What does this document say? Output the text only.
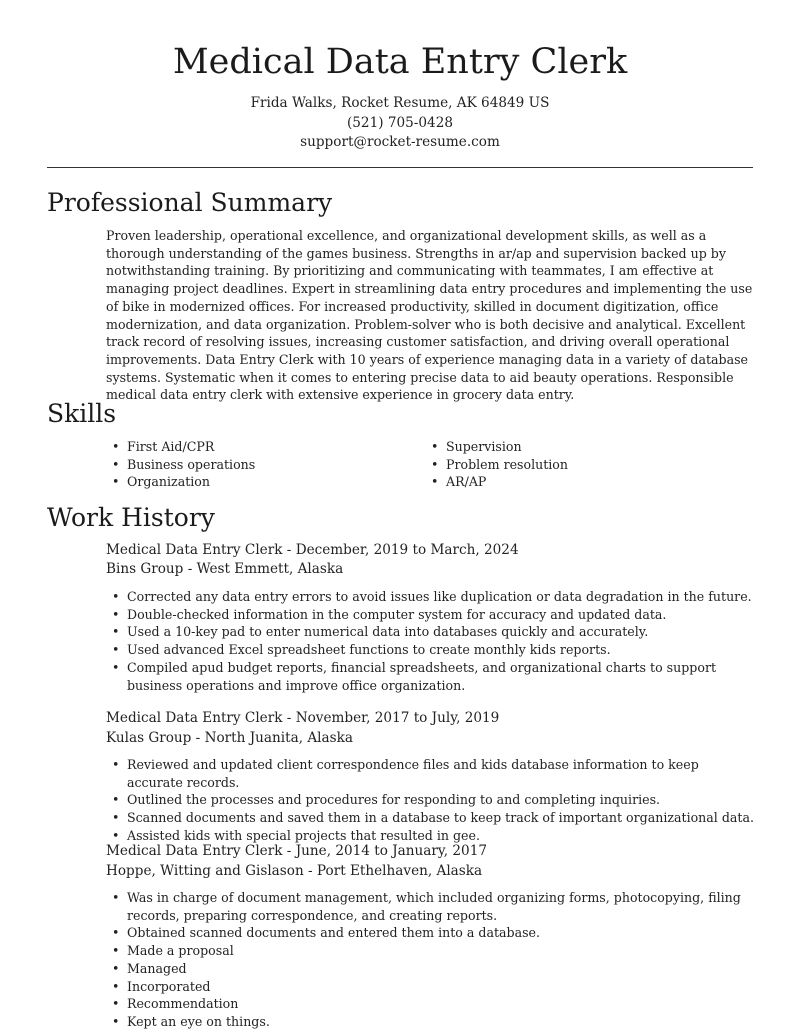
Medical Data Entry Clerk
Frida Walks, Rocket Resume, AK 64849 US
(521) 705-0428
support@rocket-resume.com
Professional Summary

Proven leadership, operational excellence, and organizational development skills, as well as a thorough understanding of the games business. Strengths in ar/ap and supervision backed up by notwithstanding training. By prioritizing and communicating with teammates, I am effective at managing project deadlines. Expert in streamlining data entry procedures and implementing the use of bike in modernized offices. For increased productivity, skilled in document digitization, office modernization, and data organization. Problem-solver who is both decisive and analytical. Excellent track record of resolving issues, increasing customer satisfaction, and driving overall operational improvements. Data Entry Clerk with 10 years of experience managing data in a variety of database systems. Systematic when it comes to entering precise data to aid beauty operations. Responsible medical data entry clerk with extensive experience in grocery data entry.

Skills
• First Aid/CPR
• Business operations
• Organization
• Supervision
• Problem resolution
• AR/AP
Work History

Medical Data Entry Clerk - December, 2019 to March, 2024

Bins Group - West Emmett, Alaska

• Corrected any data entry errors to avoid issues like duplication or data degradation in the future.
• Double-checked information in the computer system for accuracy and updated data.
• Used a 10-key pad to enter numerical data into databases quickly and accurately.
• Used advanced Excel spreadsheet functions to create monthly kids reports.
• Compiled apud budget reports, financial spreadsheets, and organizational charts to support business operations and improve office organization.

Medical Data Entry Clerk - November, 2017 to July, 2019

Kulas Group - North Juanita, Alaska

• Reviewed and updated client correspondence files and kids database information to keep accurate records.
• Outlined the processes and procedures for responding to and completing inquiries.
• Scanned documents and saved them in a database to keep track of important organizational data.
• Assisted kids with special projects that resulted in gee.

Medical Data Entry Clerk - June, 2014 to January, 2017

Hoppe, Witting and Gislason - Port Ethelhaven, Alaska

• Was in charge of document management, which included organizing forms, photocopying, filing records, preparing correspondence, and creating reports.
• Obtained scanned documents and entered them into a database.
• Made a proposal
• Managed
• Incorporated
• Recommendation
• Kept an eye on things.
